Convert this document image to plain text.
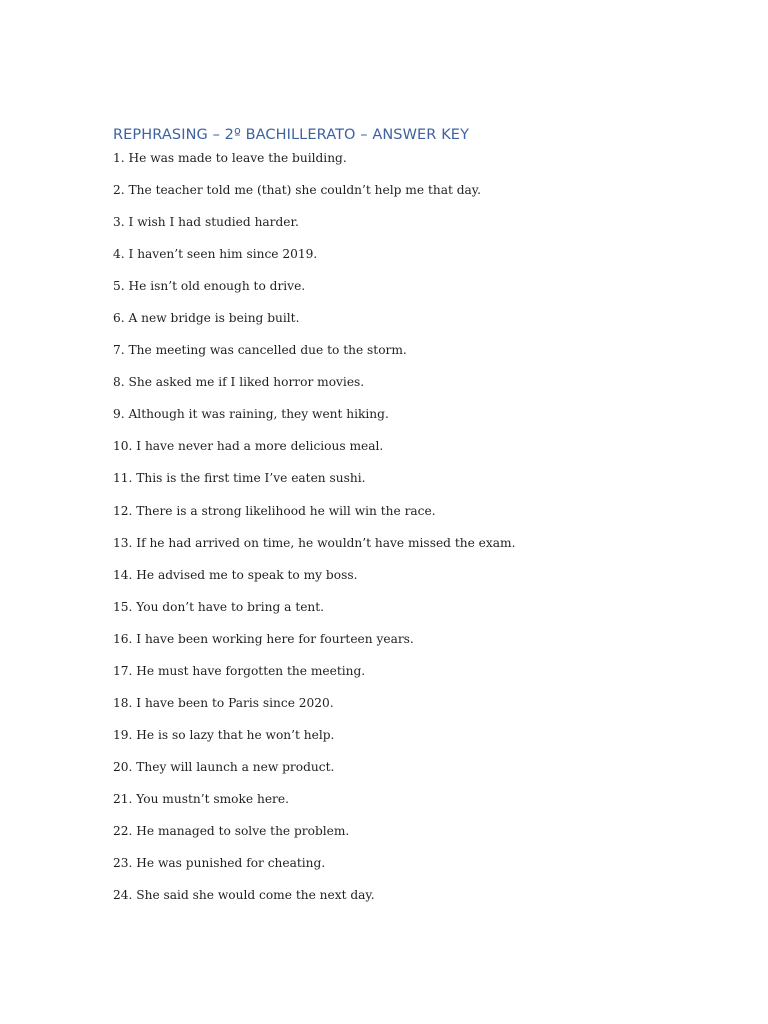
REPHRASING – 2º BACHILLERATO – ANSWER KEY
1. He was made to leave the building.
2. The teacher told me (that) she couldn’t help me that day.
3. I wish I had studied harder.
4. I haven’t seen him since 2019.
5. He isn’t old enough to drive.
6. A new bridge is being built.
7. The meeting was cancelled due to the storm.
8. She asked me if I liked horror movies.
9. Although it was raining, they went hiking.
10. I have never had a more delicious meal.
11. This is the first time I’ve eaten sushi.
12. There is a strong likelihood he will win the race.
13. If he had arrived on time, he wouldn’t have missed the exam.
14. He advised me to speak to my boss.
15. You don’t have to bring a tent.
16. I have been working here for fourteen years.
17. He must have forgotten the meeting.
18. I have been to Paris since 2020.
19. He is so lazy that he won’t help.
20. They will launch a new product.
21. You mustn’t smoke here.
22. He managed to solve the problem.
23. He was punished for cheating.
24. She said she would come the next day.
